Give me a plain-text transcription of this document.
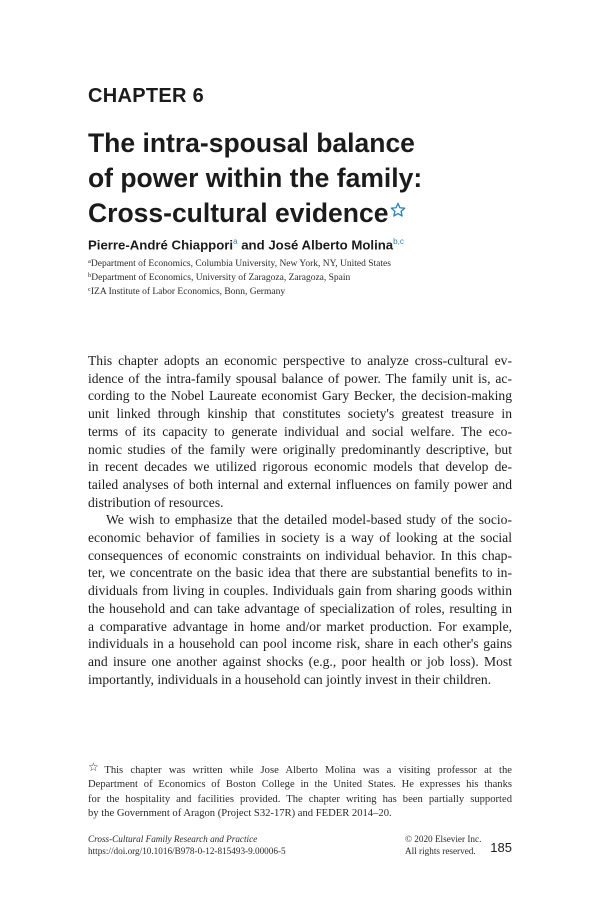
CHAPTER 6
The intra-spousal balance
of power within the family:
Cross-cultural evidence
Pierre-André Chiappori$^a$ and José Alberto Molina$^{b,c}$
$^a$Department of Economics, Columbia University, New York, NY, United States
$^b$Department of Economics, University of Zaragoza, Zaragoza, Spain
$^c$IZA Institute of Labor Economics, Bonn, Germany
This chapter adopts an economic perspective to analyze cross-cultural ev-
idence of the intra-family spousal balance of power. The family unit is, ac-
cording to the Nobel Laureate economist Gary Becker, the decision-making
unit linked through kinship that constitutes society's greatest treasure in
terms of its capacity to generate individual and social welfare. The eco-
nomic studies of the family were originally predominantly descriptive, but
in recent decades we utilized rigorous economic models that develop de-
tailed analyses of both internal and external influences on family power and
distribution of resources.
We wish to emphasize that the detailed model-based study of the socio-
economic behavior of families in society is a way of looking at the social
consequences of economic constraints on individual behavior. In this chap-
ter, we concentrate on the basic idea that there are substantial benefits to in-
dividuals from living in couples. Individuals gain from sharing goods within
the household and can take advantage of specialization of roles, resulting in
a comparative advantage in home and/or market production. For example,
individuals in a household can pool income risk, share in each other's gains
and insure one another against shocks (e.g., poor health or job loss). Most
importantly, individuals in a household can jointly invest in their children.
☆This chapter was written while Jose Alberto Molina was a visiting professor at the
Department of Economics of Boston College in the United States. He expresses his thanks
for the hospitality and facilities provided. The chapter writing has been partially supported
by the Government of Aragon (Project S32-17R) and FEDER 2014–20.
Cross-Cultural Family Research and Practice
https://doi.org/10.1016/B978-0-12-815493-9.00006-5
© 2020 Elsevier Inc.
All rights reserved. 185
